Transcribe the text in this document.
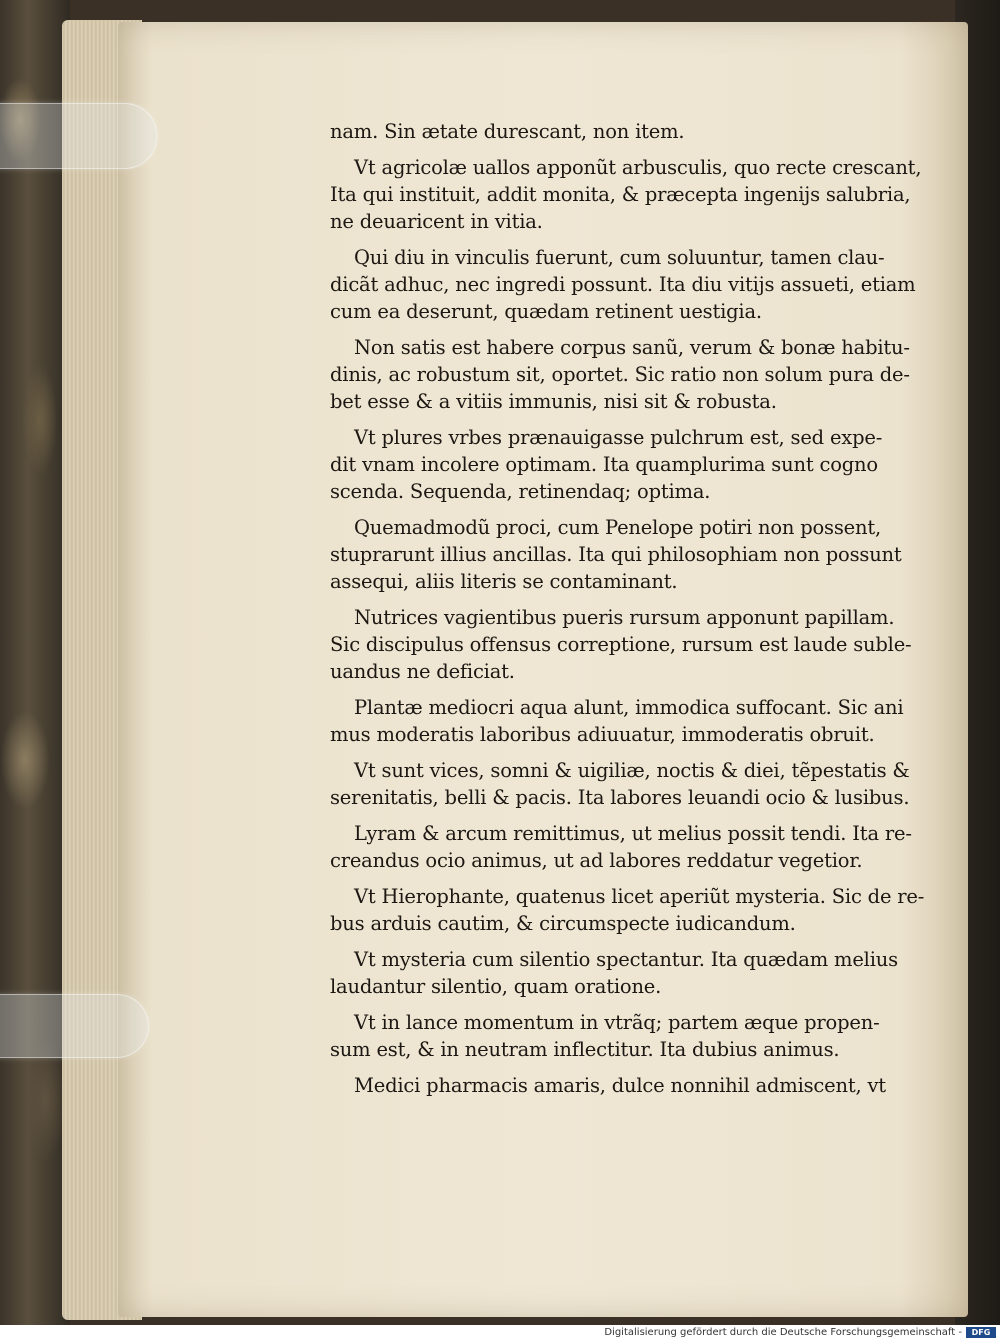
nam. Sin ætate durescant, non item.
Vt agricolæ uallos apponũt arbusculis, quo recte crescant,
Ita qui instituit, addit monita, & præcepta ingenijs salubria,
ne deuaricent in vitia.
Qui diu in vinculis fuerunt, cum soluuntur, tamen clau-
dicãt adhuc, nec ingredi possunt. Ita diu vitijs assueti, etiam
cum ea deserunt, quædam retinent uestigia.
Non satis est habere corpus sanũ, verum & bonæ habitu-
dinis, ac robustum sit, oportet. Sic ratio non solum pura de-
bet esse & a vitiis immunis, nisi sit & robusta.
Vt plures vrbes prænauigasse pulchrum est, sed expe-
dit vnam incolere optimam. Ita quamplurima sunt cogno
scenda. Sequenda, retinendaq; optima.
Quemadmodũ proci, cum Penelope potiri non possent,
stuprarunt illius ancillas. Ita qui philosophiam non possunt
assequi, aliis literis se contaminant.
Nutrices vagientibus pueris rursum apponunt papillam.
Sic discipulus offensus correptione, rursum est laude suble-
uandus ne deficiat.
Plantæ mediocri aqua alunt, immodica suffocant. Sic ani
mus moderatis laboribus adiuuatur, immoderatis obruit.
Vt sunt vices, somni & uigiliæ, noctis & diei, tẽpestatis &
serenitatis, belli & pacis. Ita labores leuandi ocio & lusibus.
Lyram & arcum remittimus, ut melius possit tendi. Ita re-
creandus ocio animus, ut ad labores reddatur vegetior.
Vt Hierophante, quatenus licet aperiũt mysteria. Sic de re-
bus arduis cautim, & circumspecte iudicandum.
Vt mysteria cum silentio spectantur. Ita quædam melius
laudantur silentio, quam oratione.
Vt in lance momentum in vtrãq; partem æque propen-
sum est, & in neutram inflectitur. Ita dubius animus.
Medici pharmacis amaris, dulce nonnihil admiscent, vt
Digitalisierung gefördert durch die Deutsche Forschungsgemeinschaft -	DFG
